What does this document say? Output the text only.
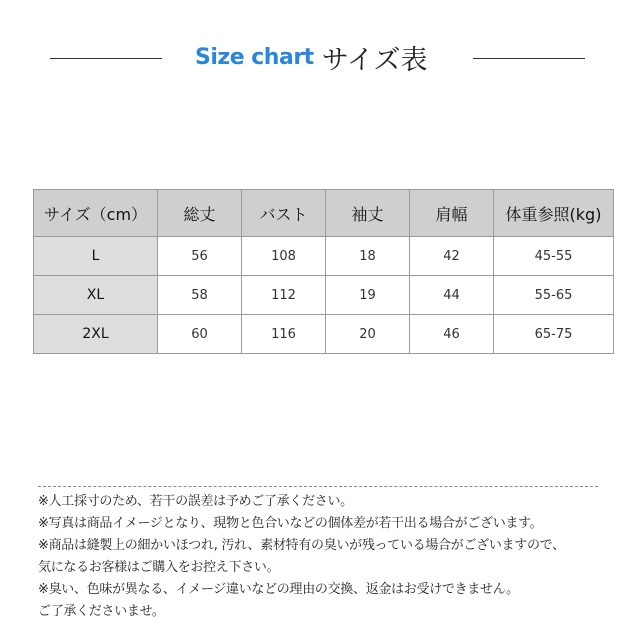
Size chart サイズ表
サイズ（cm）	総丈	バスト	袖丈	肩幅	体重参照(kg)
L	56	108	18	42	45-55
XL	58	112	19	44	55-65
2XL	60	116	20	46	65-75
※人工採寸のため、若干の誤差は予めご了承ください。
※写真は商品イメージとなり、現物と色合いなどの個体差が若干出る場合がございます。
※商品は縫製上の細かいほつれ, 汚れ、素材特有の臭いが残っている場合がございますので、
気になるお客様はご購入をお控え下さい。
※臭い、色味が異なる、イメージ違いなどの理由の交換、返金はお受けできません。
ご了承くださいませ。
